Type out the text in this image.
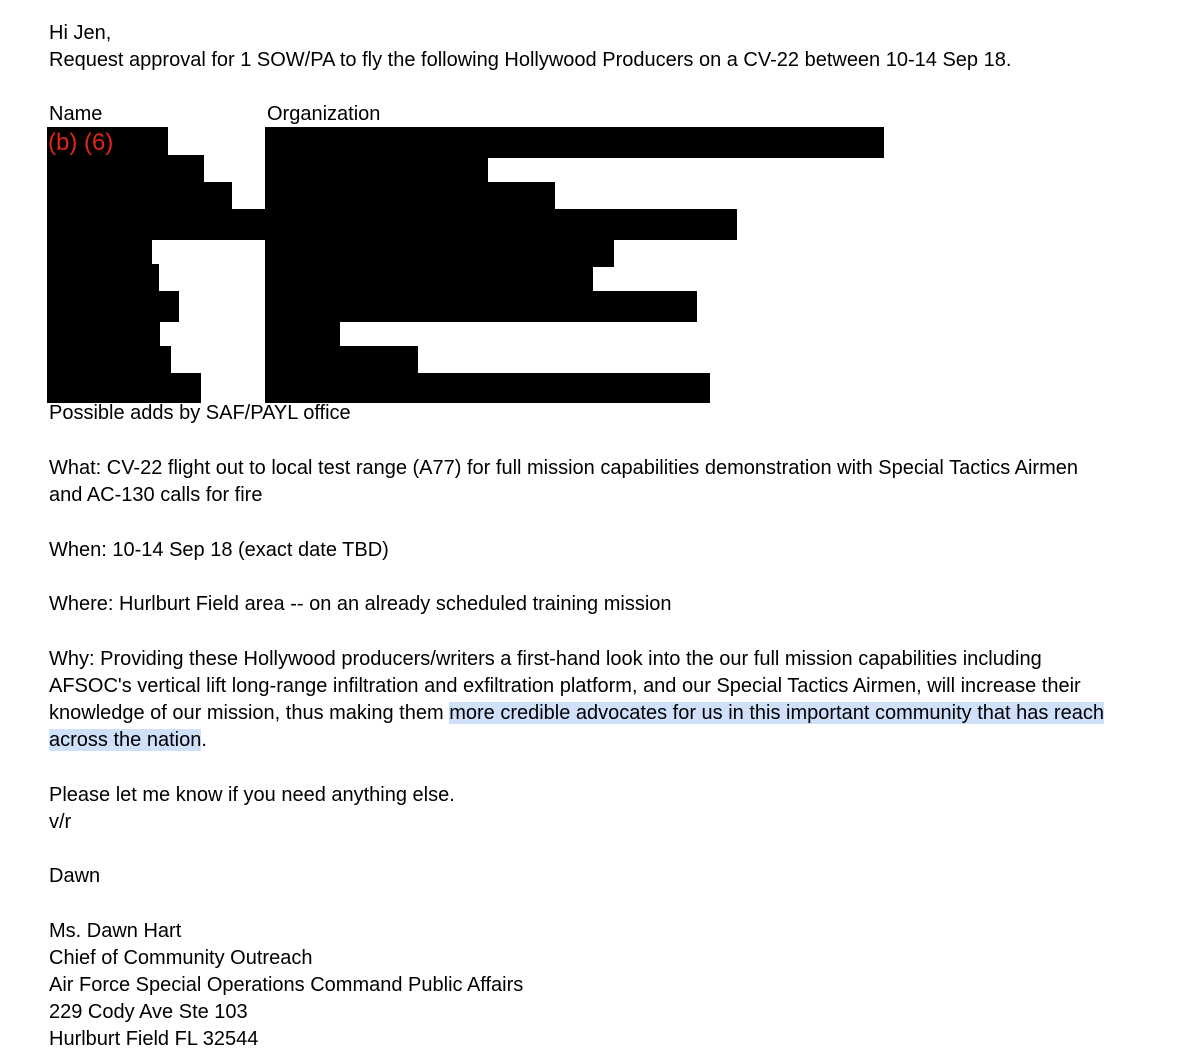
Hi Jen,
Request approval for 1 SOW/PA to fly the following Hollywood Producers on a CV-22 between 10-14 Sep 18.
Name	Organization
(b) (6)
Possible adds by SAF/PAYL office
What: CV-22 flight out to local test range (A77) for full mission capabilities demonstration with Special Tactics Airmen
and AC-130 calls for fire
When: 10-14 Sep 18 (exact date TBD)
Where: Hurlburt Field area -- on an already scheduled training mission
Why: Providing these Hollywood producers/writers a first-hand look into the our full mission capabilities including
AFSOC's vertical lift long-range infiltration and exfiltration platform, and our Special Tactics Airmen, will increase their
knowledge of our mission, thus making them more credible advocates for us in this important community that has reach
across the nation.
Please let me know if you need anything else.
v/r
Dawn
Ms. Dawn Hart
Chief of Community Outreach
Air Force Special Operations Command Public Affairs
229 Cody Ave Ste 103
Hurlburt Field FL 32544
